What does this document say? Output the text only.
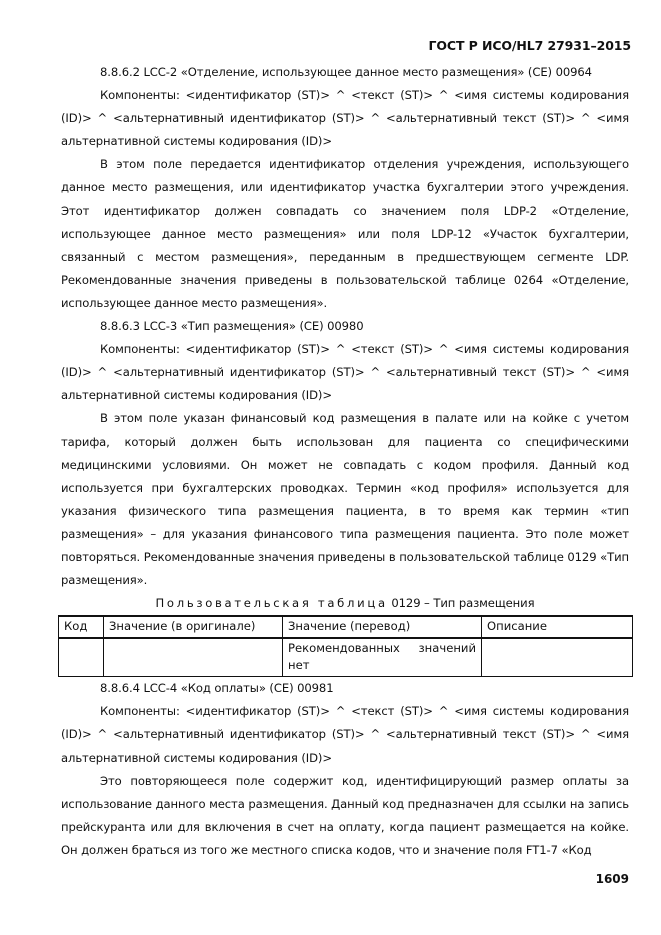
ГОСТ Р ИСО/HL7 27931–2015

8.8.6.2 LCC-2 «Отделение, использующее данное место размещения» (CE) 00964

Компоненты: <идентификатор (ST)> ^ <текст (ST)> ^ <имя системы кодирования (ID)> ^ <альтернативный идентификатор (ST)> ^ <альтернативный текст (ST)> ^ <имя альтернативной системы кодирования (ID)>

В этом поле передается идентификатор отделения учреждения, использующего данное место размещения, или идентификатор участка бухгалтерии этого учреждения. Этот идентификатор должен совпадать со значением поля LDP-2 «Отделение, использующее данное место размещения» или поля LDP-12 «Участок бухгалтерии, связанный с местом размещения», переданным в предшествующем сегменте LDP. Рекомендованные значения приведены в пользовательской таблице 0264 «Отделение, использующее данное место размещения».

8.8.6.3 LCC-3 «Тип размещения» (CE) 00980

Компоненты: <идентификатор (ST)> ^ <текст (ST)> ^ <имя системы кодирования (ID)> ^ <альтернативный идентификатор (ST)> ^ <альтернативный текст (ST)> ^ <имя альтернативной системы кодирования (ID)>

В этом поле указан финансовый код размещения в палате или на койке с учетом тарифа, который должен быть использован для пациента со специфическими медицинскими условиями. Он может не совпадать с кодом профиля. Данный код используется при бухгалтерских проводках. Термин «код профиля» используется для указания физического типа размещения пациента, в то время как термин «тип размещения» – для указания финансового типа размещения пациента. Это поле может повторяться. Рекомендованные значения приведены в пользовательской таблице 0129 «Тип размещения».

Пользовательская таблица 0129 – Тип размещения

Код	Значение (в оригинале)	Значение (перевод)	Описание
		Рекомендованных значений нет	

8.8.6.4 LCC-4 «Код оплаты» (CE) 00981

Компоненты: <идентификатор (ST)> ^ <текст (ST)> ^ <имя системы кодирования (ID)> ^ <альтернативный идентификатор (ST)> ^ <альтернативный текст (ST)> ^ <имя альтернативной системы кодирования (ID)>

Это повторяющееся поле содержит код, идентифицирующий размер оплаты за использование данного места размещения. Данный код предназначен для ссылки на запись прейскуранта или для включения в счет на оплату, когда пациент размещается на койке. Он должен браться из того же местного списка кодов, что и значение поля FT1-7 «Код

1609
